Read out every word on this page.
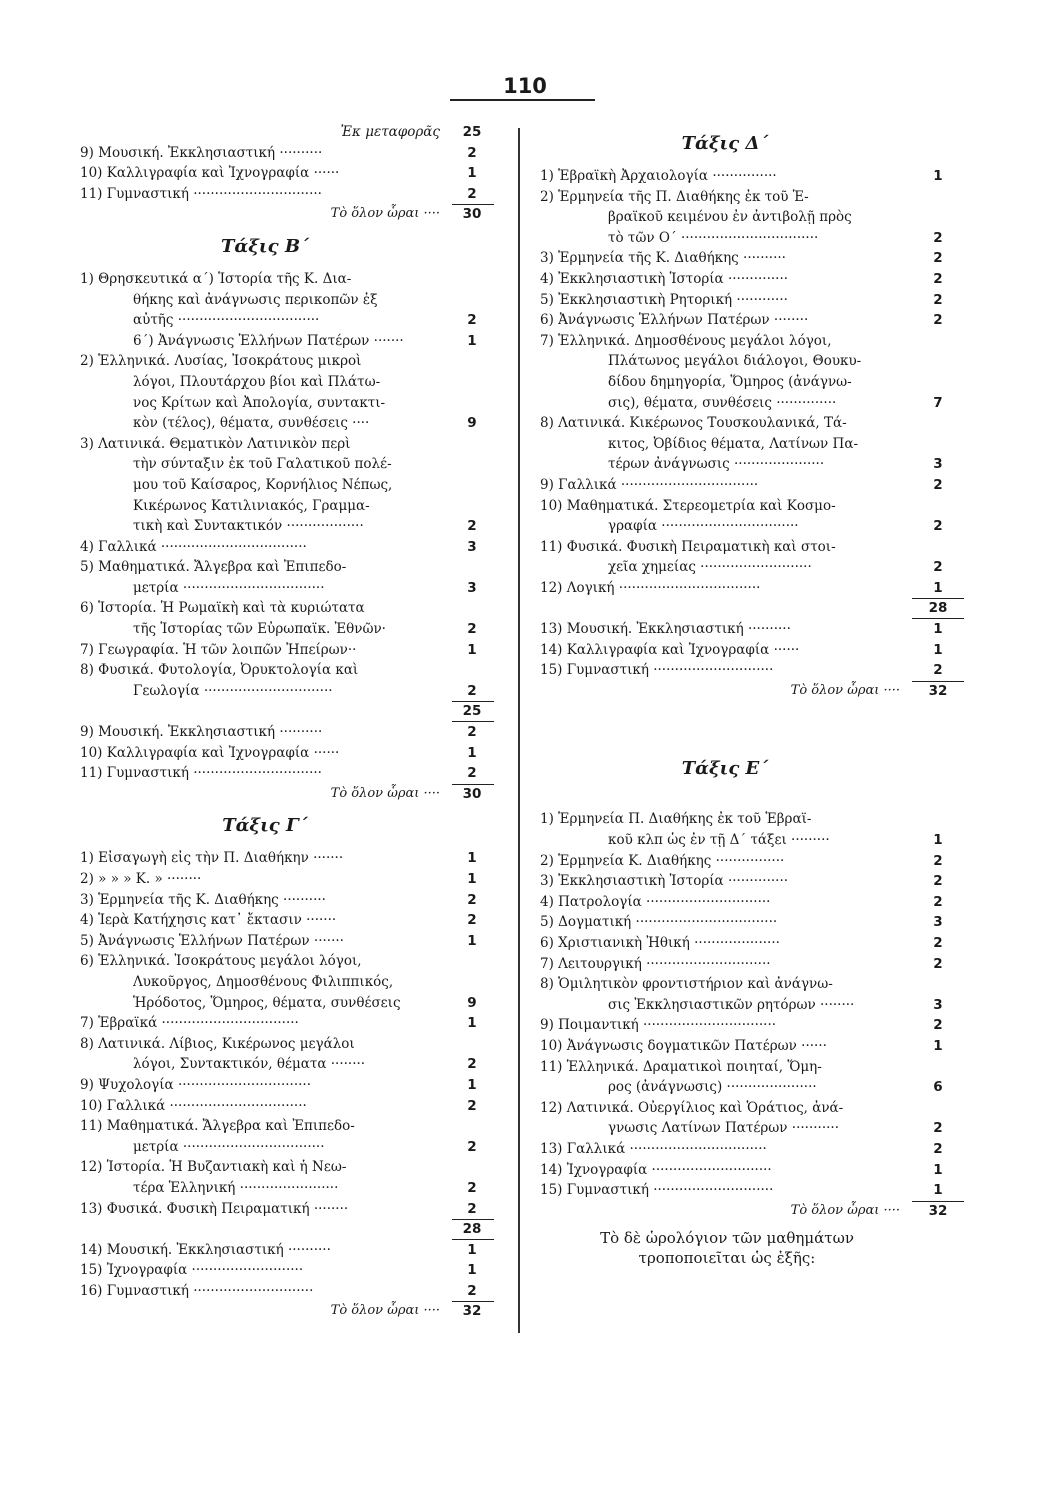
110
Ἐκ μεταφορᾶς	25
9) Μουσική. Ἐκκλησιαστική ··········	2
10) Καλλιγραφία καὶ Ἰχνογραφία ······	1
11) Γυμναστική ······························	2
Τὸ ὅλον ὧραι ····	30
Τάξις Β΄
1) Θρησκευτικά α΄) Ἱστορία τῆς Κ. Δια-
θήκης καὶ ἀνάγνωσις περικοπῶν ἐξ
αὐτῆς ·································	2
6΄) Ἀνάγνωσις Ἑλλήνων Πατέρων ·······	1
2) Ἑλληνικά. Λυσίας, Ἰσοκράτους μικροὶ
λόγοι, Πλουτάρχου βίοι καὶ Πλάτω-
νος Κρίτων καὶ Ἀπολογία, συντακτι-
κὸν (τέλος), θέματα, συνθέσεις ····	9
3) Λατινικά. Θεματικὸν Λατινικὸν περὶ
τὴν σύνταξιν ἐκ τοῦ Γαλατικοῦ πολέ-
μου τοῦ Καίσαρος, Κορνήλιος Νέπως,
Κικέρωνος Κατιλινιακός, Γραμμα-
τικὴ καὶ Συντακτικόν ··················	2
4) Γαλλικά ··································	3
5) Μαθηματικά. Ἄλγεβρα καὶ Ἐπιπεδο-
μετρία ·································	3
6) Ἱστορία. Ἡ Ρωμαϊκὴ καὶ τὰ κυριώτατα
τῆς Ἱστορίας τῶν Εὐρωπαϊκ. Ἐθνῶν·	2
7) Γεωγραφία. Ἡ τῶν λοιπῶν Ἠπείρων··	1
8) Φυσικά. Φυτολογία, Ὀρυκτολογία καὶ
Γεωλογία ······························	2
25
9) Μουσική. Ἐκκλησιαστική ··········	2
10) Καλλιγραφία καὶ Ἰχνογραφία ······	1
11) Γυμναστική ······························	2
Τὸ ὅλον ὧραι ····	30
Τάξις Γ΄
1) Εἰσαγωγὴ εἰς τὴν Π. Διαθήκην ·······	1
2) » » » Κ. » ········	1
3) Ἑρμηνεία τῆς Κ. Διαθήκης ··········	2
4) Ἱερὰ Κατήχησις κατ᾿ ἔκτασιν ·······	2
5) Ἀνάγνωσις Ἑλλήνων Πατέρων ·······	1
6) Ἑλληνικά. Ἰσοκράτους μεγάλοι λόγοι,
Λυκοῦργος, Δημοσθένους Φιλιππικός,
Ἡρόδοτος, Ὅμηρος, θέματα, συνθέσεις	9
7) Ἑβραϊκά ································	1
8) Λατινικά. Λίβιος, Κικέρωνος μεγάλοι
λόγοι, Συντακτικόν, θέματα ········	2
9) Ψυχολογία ·······························	1
10) Γαλλικά ································	2
11) Μαθηματικά. Ἄλγεβρα καὶ Ἐπιπεδο-
μετρία ·································	2
12) Ἱστορία. Ἡ Βυζαντιακὴ καὶ ἡ Νεω-
τέρα Ἑλληνική ·······················	2
13) Φυσικά. Φυσικὴ Πειραματική ········	2
28
14) Μουσική. Ἐκκλησιαστική ··········	1
15) Ἰχνογραφία ··························	1
16) Γυμναστική ····························	2
Τὸ ὅλον ὧραι ····	32
Τάξις Δ΄
1) Ἑβραϊκὴ Ἀρχαιολογία ···············	1
2) Ἑρμηνεία τῆς Π. Διαθήκης ἐκ τοῦ Ἑ-
βραϊκοῦ κειμένου ἐν ἀντιβολῇ πρὸς
τὸ τῶν Ο΄ ································	2
3) Ἑρμηνεία τῆς Κ. Διαθήκης ··········	2
4) Ἐκκλησιαστικὴ Ἱστορία ··············	2
5) Ἐκκλησιαστικὴ Ρητορική ············	2
6) Ἀνάγνωσις Ἑλλήνων Πατέρων ········	2
7) Ἑλληνικά. Δημοσθένους μεγάλοι λόγοι,
Πλάτωνος μεγάλοι διάλογοι, Θουκυ-
δίδου δημηγορία, Ὅμηρος (ἀνάγνω-
σις), θέματα, συνθέσεις ··············	7
8) Λατινικά. Κικέρωνος Τουσκουλανικά, Τά-
κιτος, Ὀβίδιος θέματα, Λατίνων Πα-
τέρων ἀνάγνωσις ·····················	3
9) Γαλλικά ································	2
10) Μαθηματικά. Στερεομετρία καὶ Κοσμο-
γραφία ································	2
11) Φυσικά. Φυσικὴ Πειραματικὴ καὶ στοι-
χεῖα χημείας ··························	2
12) Λογική ·································	1
28
13) Μουσική. Ἐκκλησιαστική ··········	1
14) Καλλιγραφία καὶ Ἰχνογραφία ······	1
15) Γυμναστική ····························	2
Τὸ ὅλον ὧραι ····	32
Τάξις Ε΄
1) Ἑρμηνεία Π. Διαθήκης ἐκ τοῦ Ἑβραϊ-
κοῦ κλπ ὡς ἐν τῇ Δ΄ τάξει ·········	1
2) Ἑρμηνεία Κ. Διαθήκης ················	2
3) Ἐκκλησιαστικὴ Ἱστορία ··············	2
4) Πατρολογία ·····························	2
5) Δογματική ·································	3
6) Χριστιανικὴ Ἠθική ····················	2
7) Λειτουργική ·····························	2
8) Ὁμιλητικὸν φροντιστήριον καὶ ἀνάγνω-
σις Ἐκκλησιαστικῶν ρητόρων ········	3
9) Ποιμαντική ·······························	2
10) Ἀνάγνωσις δογματικῶν Πατέρων ······	1
11) Ἑλληνικά. Δραματικοὶ ποιηταί, Ὅμη-
ρος (ἀνάγνωσις) ·····················	6
12) Λατινικά. Οὐεργίλιος καὶ Ὁράτιος, ἀνά-
γνωσις Λατίνων Πατέρων ···········	2
13) Γαλλικά ································	2
14) Ἰχνογραφία ····························	1
15) Γυμναστική ····························	1
Τὸ ὅλον ὧραι ····	32
Τὸ δὲ ὡρολόγιον τῶν μαθημάτων τροποποιεῖται ὡς ἑξῆς:
